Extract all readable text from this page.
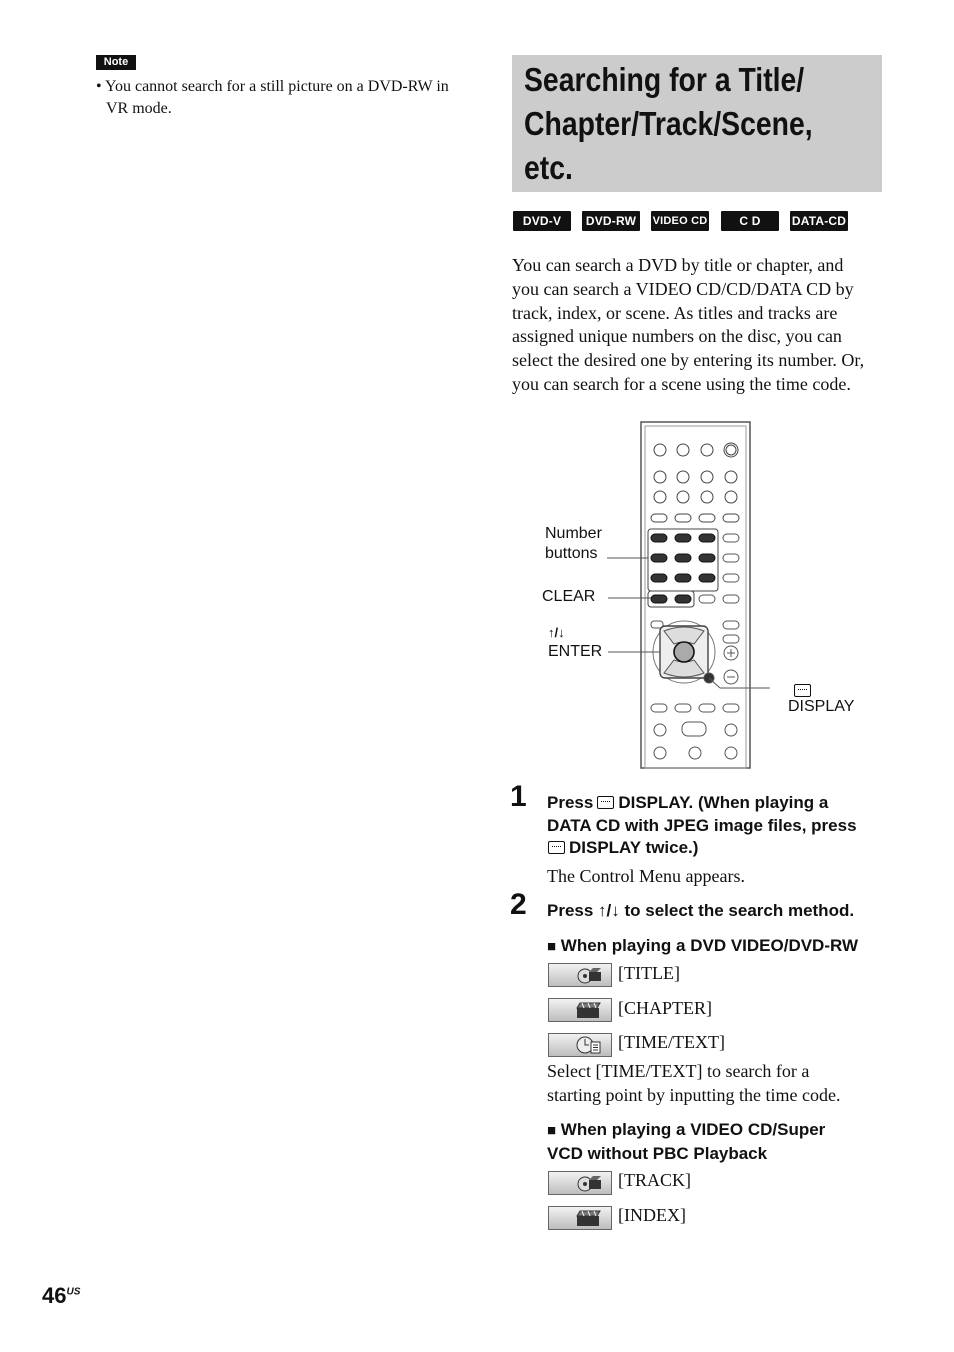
Note
• You cannot search for a still picture on a DVD-RW in
VR mode.
Searching for a Title/
Chapter/Track/Scene,
etc.
DVD-V	DVD-RW	VIDEO CD	C D	DATA-CD
You can search a DVD by title or chapter, and
you can search a VIDEO CD/CD/DATA CD by
track, index, or scene. As titles and tracks are
assigned unique numbers on the disc, you can
select the desired one by entering its number. Or,
you can search for a scene using the time code.
Number
buttons
CLEAR
↑/↓
ENTER
DISPLAY
1 Press DISPLAY. (When playing a
DATA CD with JPEG image files, press
DISPLAY twice.)
The Control Menu appears.
2 Press ↑/↓ to select the search method.
■ When playing a DVD VIDEO/DVD-RW
[TITLE]
[CHAPTER]
[TIME/TEXT]
Select [TIME/TEXT] to search for a
starting point by inputting the time code.
■ When playing a VIDEO CD/Super
VCD without PBC Playback
[TRACK]
[INDEX]
$46^{US}$
